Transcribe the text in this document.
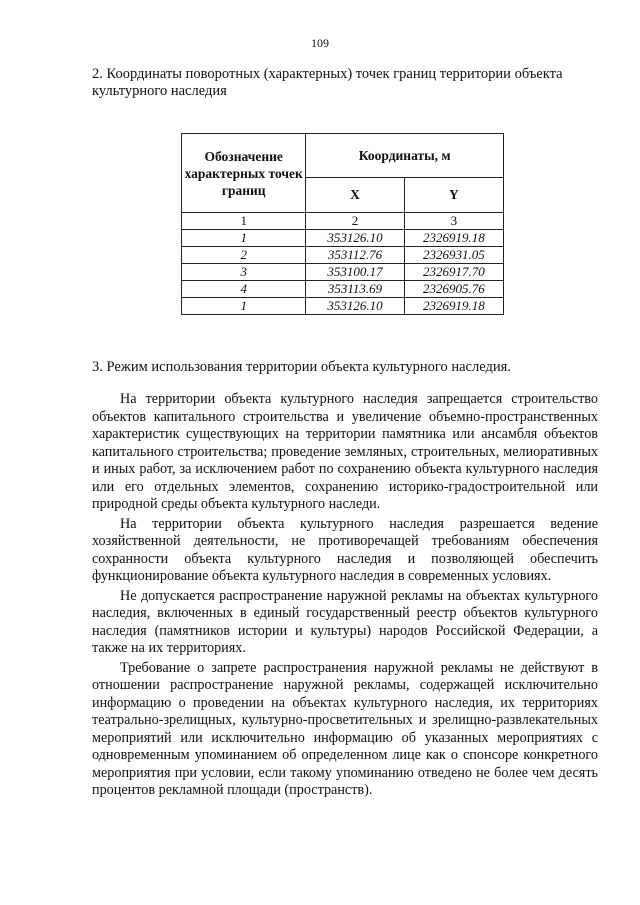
109
2. Координаты поворотных (характерных) точек границ территории объекта культурного наследия
Обозначение характерных точек границ	Координаты, м	
	X	Y
1	2	3
1	353126.10	2326919.18
2	353112.76	2326931.05
3	353100.17	2326917.70
4	353113.69	2326905.76
1	353126.10	2326919.18
3. Режим использования территории объекта культурного наследия.

На территории объекта культурного наследия запрещается строительство объектов капитального строительства и увеличение объемно-пространственных характеристик существующих на территории памятника или ансамбля объектов капитального строительства; проведение земляных, строительных, мелиоративных и иных работ, за исключением работ по сохранению объекта культурного наследия или его отдельных элементов, сохранению историко-градостроительной или природной среды объекта культурного наследи.

На территории объекта культурного наследия разрешается ведение хозяйственной деятельности, не противоречащей требованиям обеспечения сохранности объекта культурного наследия и позволяющей обеспечить функционирование объекта культурного наследия в современных условиях.

Не допускается распространение наружной рекламы на объектах культурного наследия, включенных в единый государственный реестр объектов культурного наследия (памятников истории и культуры) народов Российской Федерации, а также на их территориях.

Требование о запрете распространения наружной рекламы не действуют в отношении распространение наружной рекламы, содержащей исключительно информацию о проведении на объектах культурного наследия, их территориях театрально-зрелищных, культурно-просветительных и зрелищно-развлекательных мероприятий или исключительно информацию об указанных мероприятиях с одновременным упоминанием об определенном лице как о спонсоре конкретного мероприятия при условии, если такому упоминанию отведено не более чем десять процентов рекламной площади (пространств).
